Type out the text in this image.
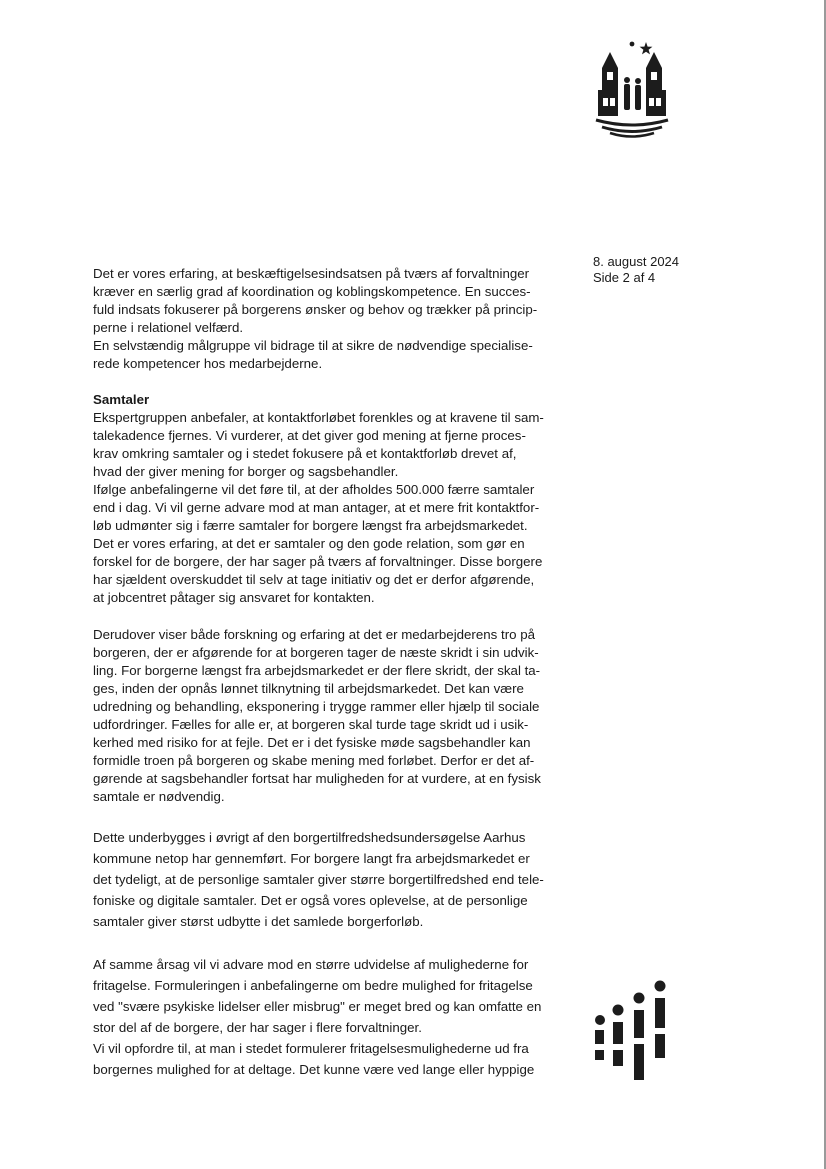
8. august 2024
Side 2 af 4

Det er vores erfaring, at beskæftigelsesindsatsen på tværs af forvaltninger

kræver en særlig grad af koordination og koblingskompetence. En succes-

fuld indsats fokuserer på borgerens ønsker og behov og trækker på princip-

perne i relationel velfærd.

En selvstændig målgruppe vil bidrage til at sikre de nødvendige specialise-

rede kompetencer hos medarbejderne.

Samtaler

Ekspertgruppen anbefaler, at kontaktforløbet forenkles og at kravene til sam-

talekadence fjernes. Vi vurderer, at det giver god mening at fjerne proces-

krav omkring samtaler og i stedet fokusere på et kontaktforløb drevet af,

hvad der giver mening for borger og sagsbehandler.

Ifølge anbefalingerne vil det føre til, at der afholdes 500.000 færre samtaler

end i dag. Vi vil gerne advare mod at man antager, at et mere frit kontaktfor-

løb udmønter sig i færre samtaler for borgere længst fra arbejdsmarkedet.

Det er vores erfaring, at det er samtaler og den gode relation, som gør en

forskel for de borgere, der har sager på tværs af forvaltninger. Disse borgere

har sjældent overskuddet til selv at tage initiativ og det er derfor afgørende,

at jobcentret påtager sig ansvaret for kontakten.

Derudover viser både forskning og erfaring at det er medarbejderens tro på

borgeren, der er afgørende for at borgeren tager de næste skridt i sin udvik-

ling. For borgerne længst fra arbejdsmarkedet er der flere skridt, der skal ta-

ges, inden der opnås lønnet tilknytning til arbejdsmarkedet. Det kan være

udredning og behandling, eksponering i trygge rammer eller hjælp til sociale

udfordringer. Fælles for alle er, at borgeren skal turde tage skridt ud i usik-

kerhed med risiko for at fejle. Det er i det fysiske møde sagsbehandler kan

formidle troen på borgeren og skabe mening med forløbet. Derfor er det af-

gørende at sagsbehandler fortsat har muligheden for at vurdere, at en fysisk

samtale er nødvendig.

Dette underbygges i øvrigt af den borgertilfredshedsundersøgelse Aarhus

kommune netop har gennemført. For borgere langt fra arbejdsmarkedet er

det tydeligt, at de personlige samtaler giver større borgertilfredshed end tele-

foniske og digitale samtaler. Det er også vores oplevelse, at de personlige

samtaler giver størst udbytte i det samlede borgerforløb.

Af samme årsag vil vi advare mod en større udvidelse af mulighederne for

fritagelse. Formuleringen i anbefalingerne om bedre mulighed for fritagelse

ved "svære psykiske lidelser eller misbrug" er meget bred og kan omfatte en

stor del af de borgere, der har sager i flere forvaltninger.

Vi vil opfordre til, at man i stedet formulerer fritagelsesmulighederne ud fra

borgernes mulighed for at deltage. Det kunne være ved lange eller hyppige
